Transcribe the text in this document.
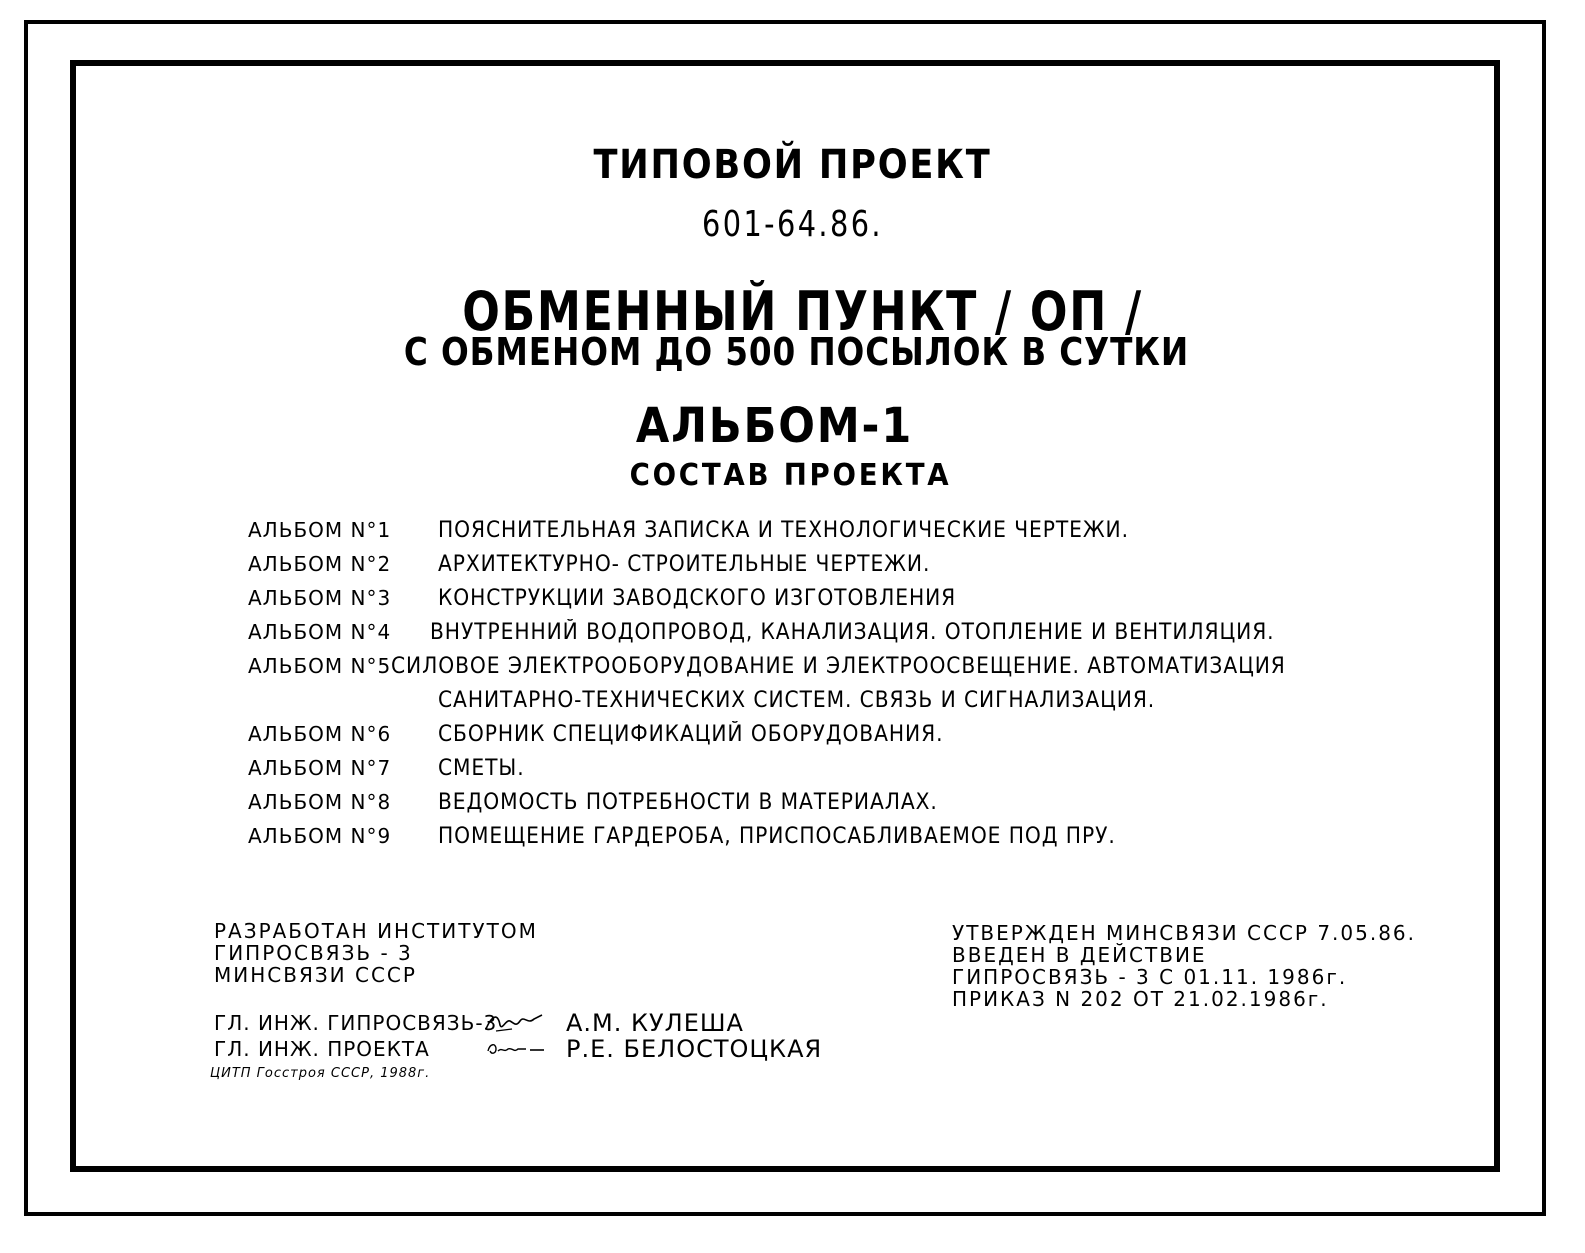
ТИПОВОЙ ПРОЕКТ
601-64.86.
ОБМЕННЫЙ ПУНКТ / ОП /
С ОБМЕНОМ ДО 500 ПОСЫЛОК В СУТКИ
АЛЬБОМ-1
СОСТАВ ПРОЕКТА
АЛЬБОМ N°1	ПОЯСНИТЕЛЬНАЯ ЗАПИСКА И ТЕХНОЛОГИЧЕСКИЕ ЧЕРТЕЖИ.
АЛЬБОМ N°2	АРХИТЕКТУРНО- СТРОИТЕЛЬНЫЕ ЧЕРТЕЖИ.
АЛЬБОМ N°3	КОНСТРУКЦИИ ЗАВОДСКОГО ИЗГОТОВЛЕНИЯ
АЛЬБОМ N°4	ВНУТРЕННИЙ ВОДОПРОВОД, КАНАЛИЗАЦИЯ. ОТОПЛЕНИЕ И ВЕНТИЛЯЦИЯ.
АЛЬБОМ N°5 СИЛОВОЕ ЭЛЕКТРООБОРУДОВАНИЕ И ЭЛЕКТРООСВЕЩЕНИЕ. АВТОМАТИЗАЦИЯ
САНИТАРНО-ТЕХНИЧЕСКИХ СИСТЕМ. СВЯЗЬ И СИГНАЛИЗАЦИЯ.
АЛЬБОМ N°6	СБОРНИК СПЕЦИФИКАЦИЙ ОБОРУДОВАНИЯ.
АЛЬБОМ N°7	СМЕТЫ.
АЛЬБОМ N°8	ВЕДОМОСТЬ ПОТРЕБНОСТИ В МАТЕРИАЛАХ.
АЛЬБОМ N°9	ПОМЕЩЕНИЕ ГАРДЕРОБА, ПРИСПОСАБЛИВАЕМОЕ ПОД ПРУ.
РАЗРАБОТАН ИНСТИТУТОМ
ГИПРОСВЯЗЬ - 3
МИНСВЯЗИ СССР
УТВЕРЖДЕН МИНСВЯЗИ СССР 7.05.86.
ВВЕДЕН В ДЕЙСТВИЕ
ГИПРОСВЯЗЬ - 3 С 01.11. 1986г.
ПРИКАЗ N 202 ОТ 21.02.1986г.
ГЛ. ИНЖ. ГИПРОСВЯЗЬ-3	А.М. КУЛЕША
ГЛ. ИНЖ. ПРОЕКТА	Р.Е. БЕЛОСТОЦКАЯ
ЦИТП Госстроя СССР, 1988г.
